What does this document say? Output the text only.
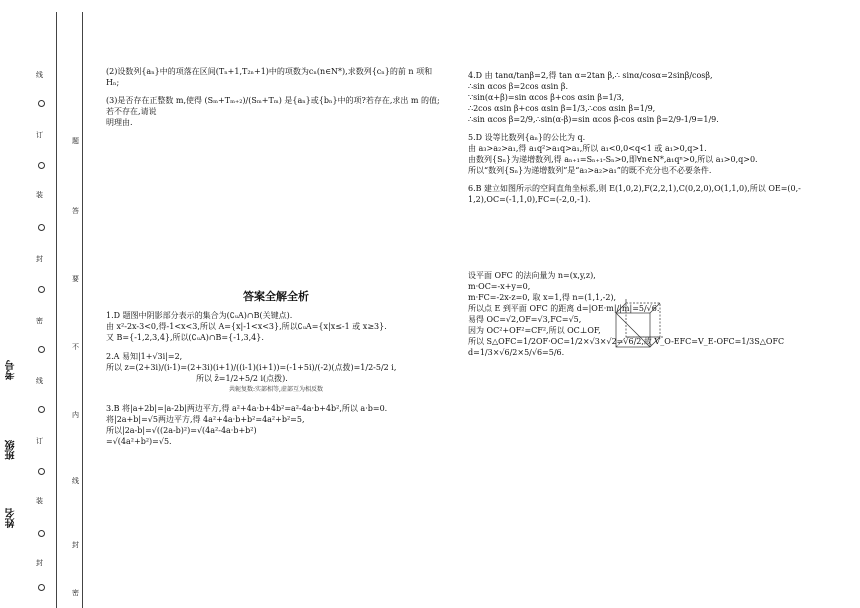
线
订
装
封
密
线
订
装
封
题
答
要
不
内
线
封
密
考号
班级
姓名

(2)设数列{aₙ}中的项落在区间(Tₙ+1,T₂ₙ+1)中的项数为cₙ(n∈N*),求数列{cₙ}的前 n 项和 Hₙ;

(3)是否存在正整数 m,使得 (Sₘ+Tₘ₊₂)/(Sₘ+Tₘ) 是{aₙ}或{bₙ}中的项?若存在,求出 m 的值;若不存在,请说
明理由.

答案全解全析

1.D 题图中阴影部分表示的集合为(∁ᵤA)∩B(关键点).
由 x²-2x-3<0,得-1<x<3,所以 A={x|-1<x<3},所以∁ᵤA={x|x≤-1 或 x≥3}.
又 B={-1,2,3,4},所以(∁ᵤA)∩B={-1,3,4}.

2.A 易知|1+√3i|=2,
所以 z=(2+3i)/(i-1)=(2+3i)(i+1)/((i-1)(i+1))=(-1+5i)/(-2)(点拨)=1/2-5/2 i,
所以 z̄=1/2+5/2 i(点拨).
共轭复数:实部相等,虚部互为相反数

3.B 将|a+2b|=|a-2b|两边平方,得 a²+4a·b+4b²=a²-4a·b+4b²,所以 a·b=0.
将|2a+b|=√5两边平方,得 4a²+4a·b+b²=4a²+b²=5,
所以|2a-b|=√((2a-b)²)=√(4a²-4a·b+b²)
=√(4a²+b²)=√5.

4.D 由 tanα/tanβ=2,得 tan α=2tan β,∴ sinα/cosα=2sinβ/cosβ,
∴sin αcos β=2cos αsin β.
∵sin(α+β)=sin αcos β+cos αsin β=1/3,
∴2cos αsin β+cos αsin β=1/3,∴cos αsin β=1/9,
∴sin αcos β=2/9,∴sin(α-β)=sin αcos β-cos αsin β=2/9-1/9=1/9.

5.D 设等比数列{aₙ}的公比为 q.
由 a₃>a₂>a₁,得 a₁q²>a₁q>a₁,所以 a₁<0,0<q<1 或 a₁>0,q>1.
由数列{Sₙ}为递增数列,得 aₙ₊₁=Sₙ₊₁-Sₙ>0,即∀n∈N*,a₁qⁿ>0,所以 a₁>0,q>0.
所以“数列{Sₙ}为递增数列”是“a₃>a₂>a₁”的既不充分也不必要条件.

6.B 建立如图所示的空间直角坐标系,则 E(1,0,2),F(2,2,1),C(0,2,0),O(1,1,0),所以 OE=(0,-
1,2),OC=(-1,1,0),FC=(-2,0,-1).

设平面 OFC 的法向量为 n=(x,y,z),
m·OC=-x+y=0,
m·FC=-2x-z=0, 取 x=1,得 n=(1,1,-2),
所以点 E 到平面 OFC 的距离 d=|OE·m|/|m|=5/√6.
易得 OC=√2,OF=√3,FC=√5,
因为 OC²+OF²=CF²,所以 OC⊥OF,
所以 S△OFC=1/2OF·OC=1/2×√3×√2=√6/2,故 V_O-EFC=V_E-OFC=1/3S△OFC d=1/3×√6/2×5/√6=5/6.
